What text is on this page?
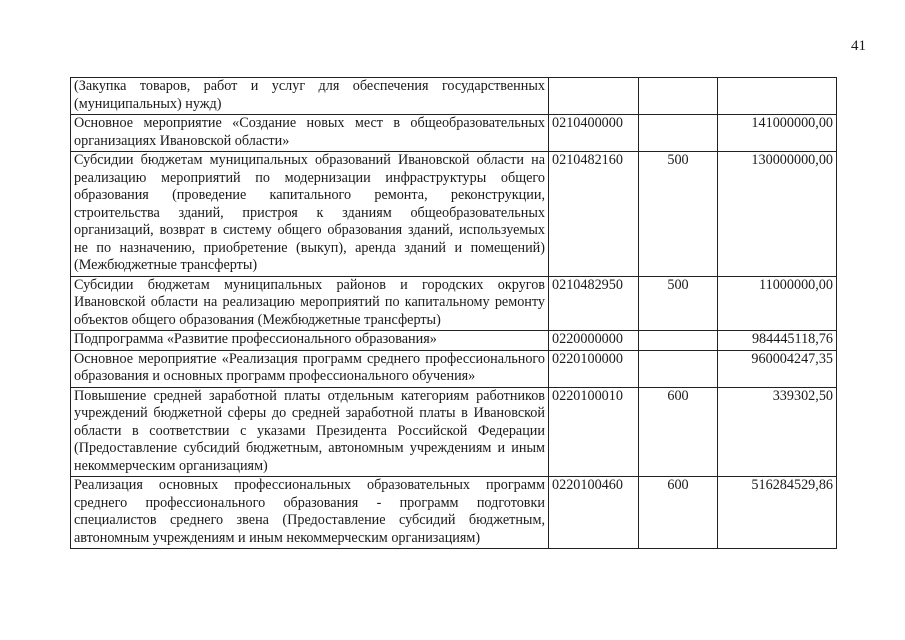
41
(Закупка товаров, работ и услуг для обеспечения государственных (муниципальных) нужд)			
Основное мероприятие «Создание новых мест в общеобразовательных организациях Ивановской области»	0210400000		141000000,00
Субсидии бюджетам муниципальных образований Ивановской области на реализацию мероприятий по модернизации инфраструктуры общего образования (проведение капитального ремонта, реконструкции, строительства зданий, пристроя к зданиям общеобразовательных организаций, возврат в систему общего образования зданий, используемых не по назначению, приобретение (выкуп), аренда зданий и помещений) (Межбюджетные трансферты)	0210482160	500	130000000,00
Субсидии бюджетам муниципальных районов и городских округов Ивановской области на реализацию мероприятий по капитальному ремонту объектов общего образования (Межбюджетные трансферты)	0210482950	500	11000000,00
Подпрограмма «Развитие профессионального образования»	0220000000		984445118,76
Основное мероприятие «Реализация программ среднего профессионального образования и основных программ профессионального обучения»	0220100000		960004247,35
Повышение средней заработной платы отдельным категориям работников учреждений бюджетной сферы до средней заработной платы в Ивановской области в соответствии с указами Президента Российской Федерации (Предоставление субсидий бюджетным, автономным учреждениям и иным некоммерческим организациям)	0220100010	600	339302,50
Реализация основных профессиональных образовательных программ среднего профессионального образования - программ подготовки специалистов среднего звена (Предоставление субсидий бюджетным, автономным учреждениям и иным некоммерческим организациям)	0220100460	600	516284529,86
